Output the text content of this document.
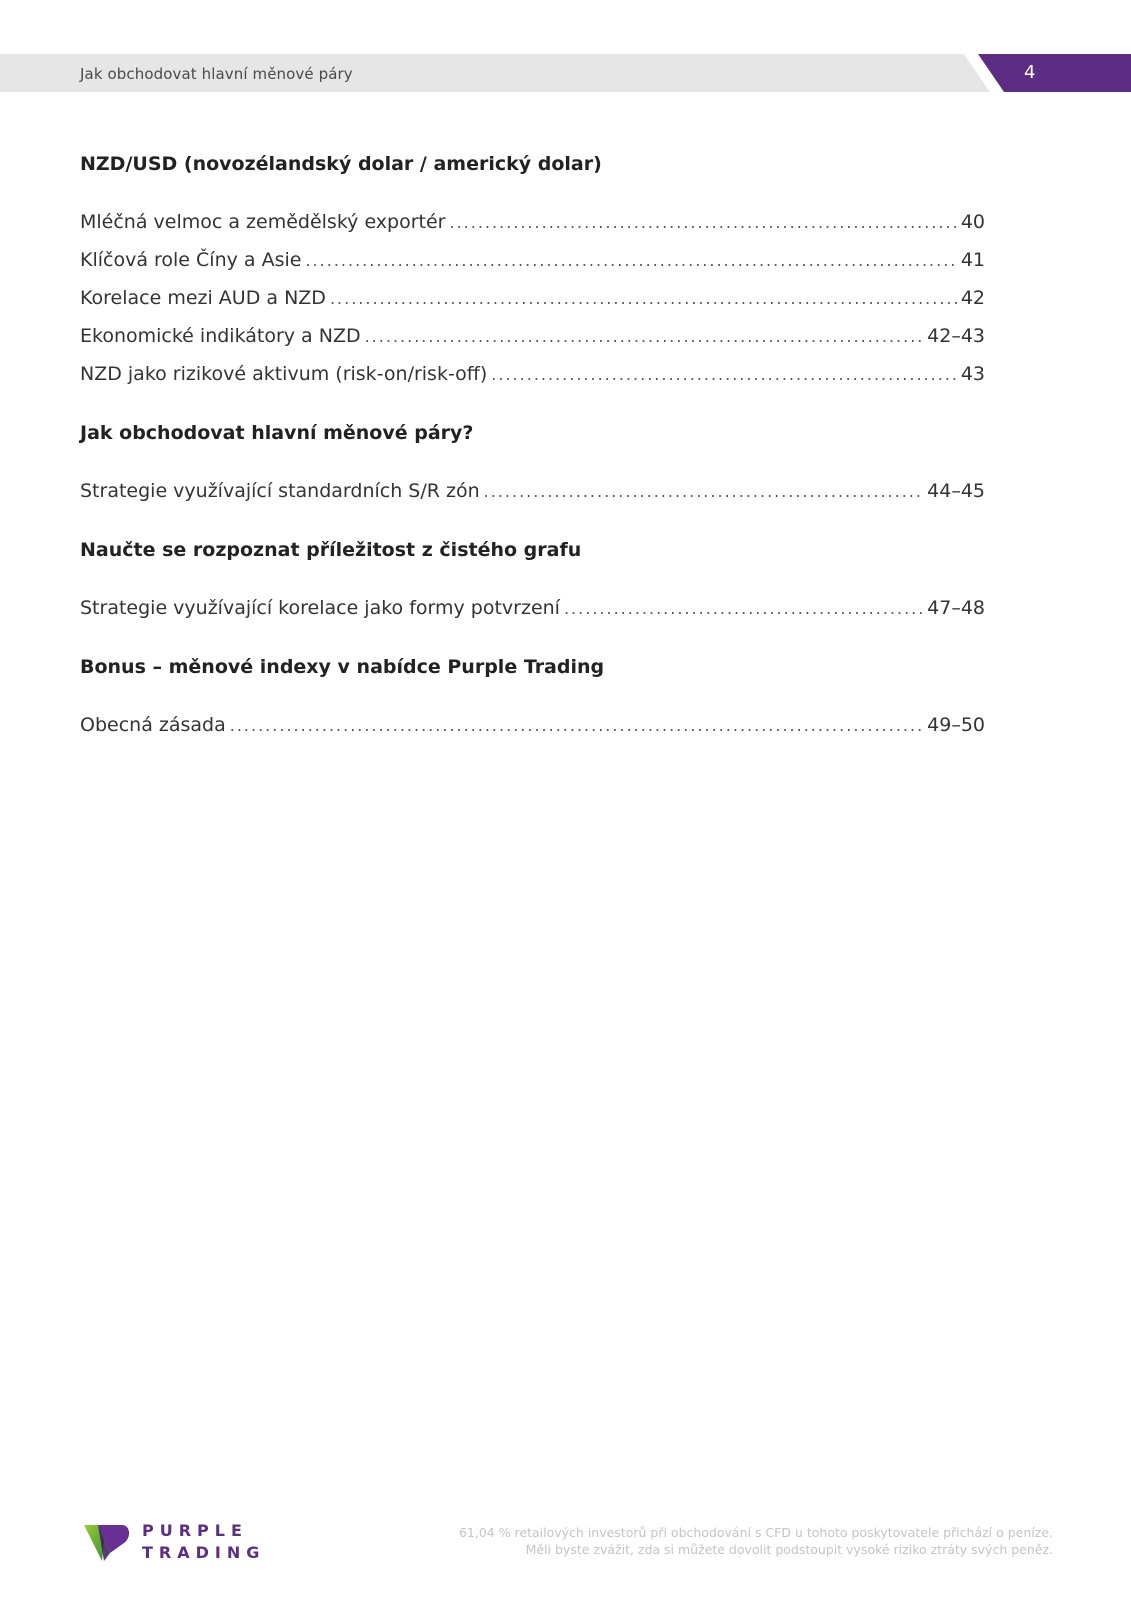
Jak obchodovat hlavní měnové páry	4
NZD/USD (novozélandský dolar / americký dolar)
Mléčná velmoc a zemědělský exportér .....	40
Klíčová role Číny a Asie .....	41
Korelace mezi AUD a NZD .....	42
Ekonomické indikátory a NZD .....	42–43
NZD jako rizikové aktivum (risk-on/risk-off) .....	43
Jak obchodovat hlavní měnové páry?
Strategie využívající standardních S/R zón .....	44–45
Naučte se rozpoznat příležitost z čistého grafu
Strategie využívající korelace jako formy potvrzení .....	47–48
Bonus – měnové indexy v nabídce Purple Trading
Obecná zásada .....	49–50
PURPLE
TRADING
61,04 % retailových investorů při obchodování s CFD u tohoto poskytovatele přichází o peníze.
Měli byste zvážit, zda si můžete dovolit podstoupit vysoké riziko ztráty svých peněz.
